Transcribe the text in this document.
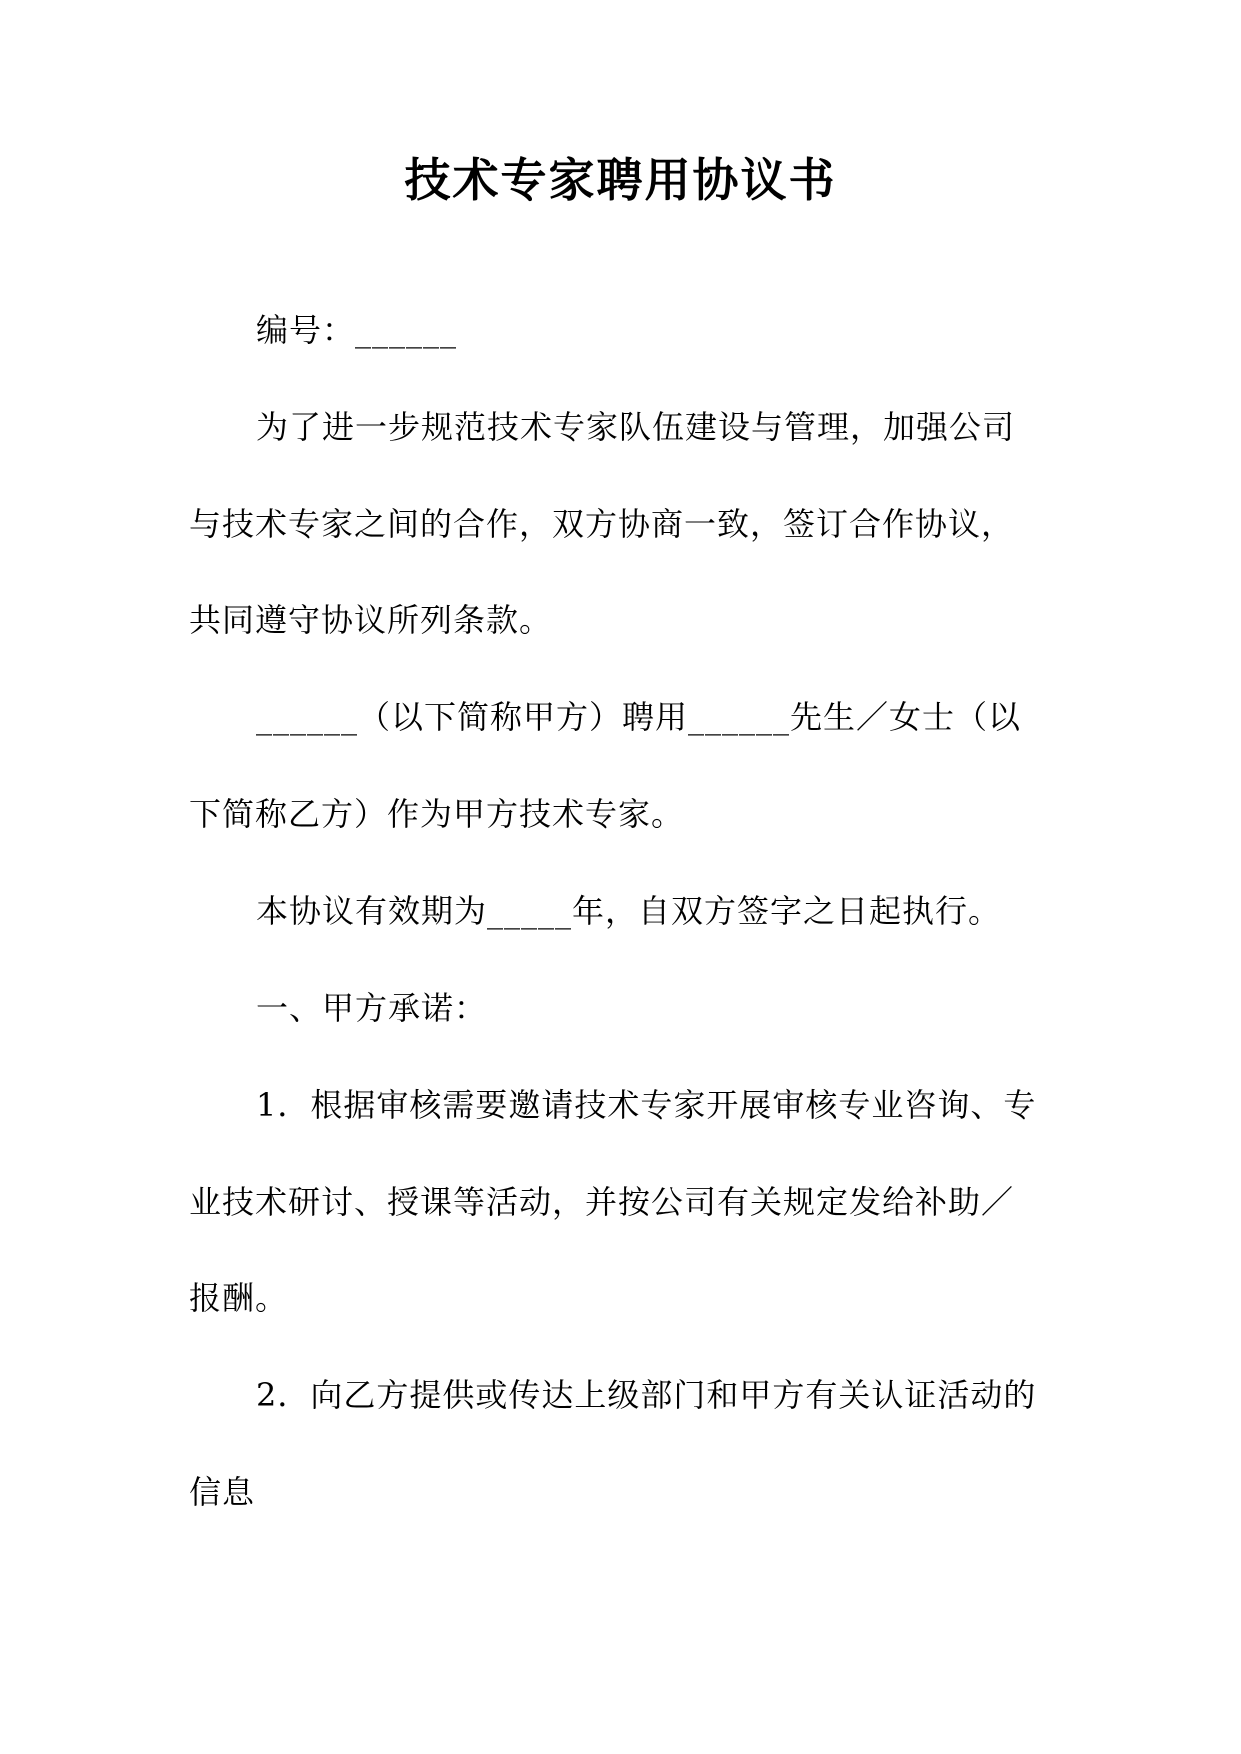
技术专家聘用协议书
编号：______
为了进一步规范技术专家队伍建设与管理，加强公司
与技术专家之间的合作，双方协商一致，签订合作协议，
共同遵守协议所列条款。
______（以下简称甲方）聘用______先生／女士（以
下简称乙方）作为甲方技术专家。
本协议有效期为_____年，自双方签字之日起执行。
一、甲方承诺：
1．根据审核需要邀请技术专家开展审核专业咨询、专
业技术研讨、授课等活动，并按公司有关规定发给补助／
报酬。
2．向乙方提供或传达上级部门和甲方有关认证活动的
信息
